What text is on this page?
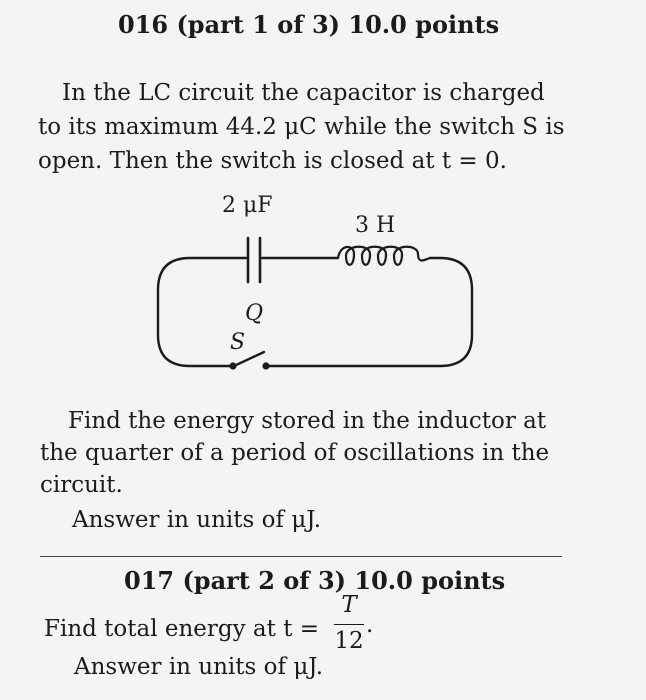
016 (part 1 of 3) 10.0 points
In the LC circuit the capacitor is charged
to its maximum 44.2 μC while the switch S is
open. Then the switch is closed at t = 0.
2 μF
3 H
Q
S
Find the energy stored in the inductor at
the quarter of a period of oscillations in the
circuit.
Answer in units of μJ.
017 (part 2 of 3) 10.0 points
Find total energy at t =
T
12
.
Answer in units of μJ.
